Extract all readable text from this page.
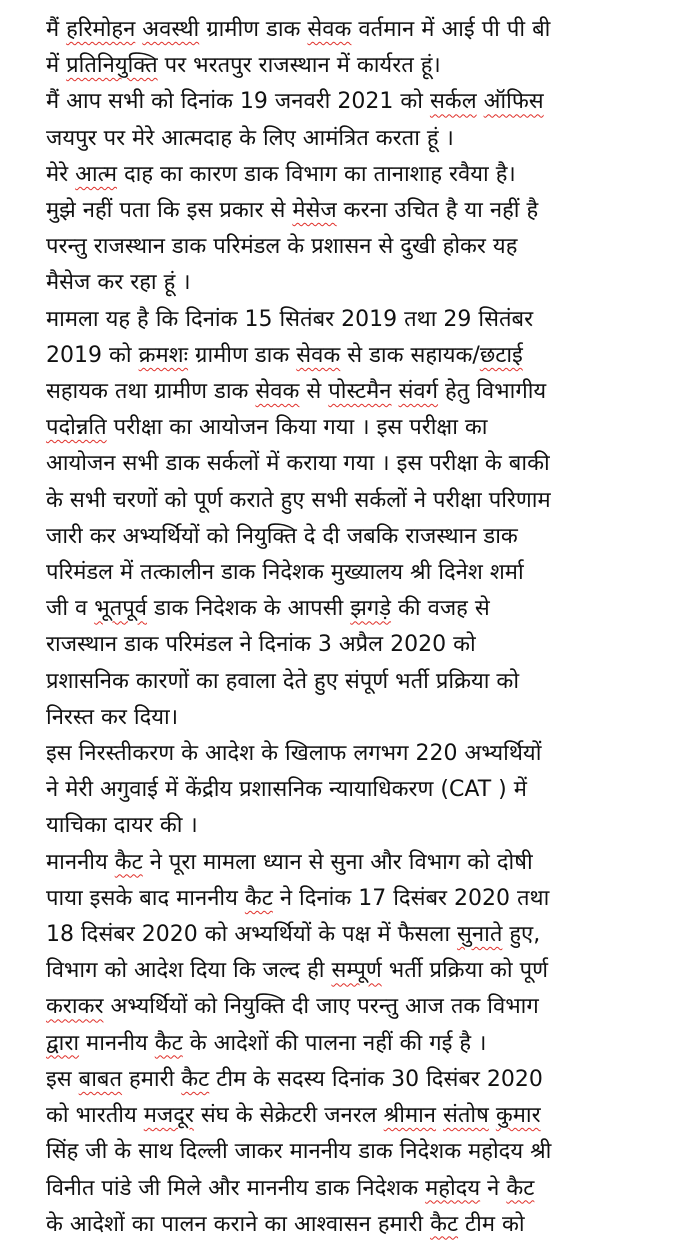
मैं हरिमोहन अवस्थी ग्रामीण डाक सेवक वर्तमान में आई पी पी बी
में प्रतिनियुक्ति पर भरतपुर राजस्थान में कार्यरत हूं।
मैं आप सभी को दिनांक 19 जनवरी 2021 को सर्कल ऑफिस
जयपुर पर मेरे आत्मदाह के लिए आमंत्रित करता हूं ।
मेरे आत्म दाह का कारण डाक विभाग का तानाशाह रवैया है।
मुझे नहीं पता कि इस प्रकार से मेसेज करना उचित है या नहीं है
परन्तु राजस्थान डाक परिमंडल के प्रशासन से दुखी होकर यह
मैसेज कर रहा हूं ।
मामला यह है कि दिनांक 15 सितंबर 2019 तथा 29 सितंबर
2019 को क्रमशः ग्रामीण डाक सेवक से डाक सहायक/छटाई
सहायक तथा ग्रामीण डाक सेवक से पोस्टमैन संवर्ग हेतु विभागीय
पदोन्नति परीक्षा का आयोजन किया गया । इस परीक्षा का
आयोजन सभी डाक सर्कलों में कराया गया । इस परीक्षा के बाकी
के सभी चरणों को पूर्ण कराते हुए सभी सर्कलों ने परीक्षा परिणाम
जारी कर अभ्यर्थियों को नियुक्ति दे दी जबकि राजस्थान डाक
परिमंडल में तत्कालीन डाक निदेशक मुख्यालय श्री दिनेश शर्मा
जी व भूतपूर्व डाक निदेशक के आपसी झगड़े की वजह से
राजस्थान डाक परिमंडल ने दिनांक 3 अप्रैल 2020 को
प्रशासनिक कारणों का हवाला देते हुए संपूर्ण भर्ती प्रक्रिया को
निरस्त कर दिया।
इस निरस्तीकरण के आदेश के खिलाफ लगभग 220 अभ्यर्थियों
ने मेरी अगुवाई में केंद्रीय प्रशासनिक न्यायाधिकरण (CAT ) में
याचिका दायर की ।
माननीय कैट ने पूरा मामला ध्यान से सुना और विभाग को दोषी
पाया इसके बाद माननीय कैट ने दिनांक 17 दिसंबर 2020 तथा
18 दिसंबर 2020 को अभ्यर्थियों के पक्ष में फैसला सुनाते हुए,
विभाग को आदेश दिया कि जल्द ही सम्पूर्ण भर्ती प्रक्रिया को पूर्ण
कराकर अभ्यर्थियों को नियुक्ति दी जाए परन्तु आज तक विभाग
द्वारा माननीय कैट के आदेशों की पालना नहीं की गई है ।
इस बाबत हमारी कैट टीम के सदस्य दिनांक 30 दिसंबर 2020
को भारतीय मजदूर संघ के सेक्रेटरी जनरल श्रीमान संतोष कुमार
सिंह जी के साथ दिल्ली जाकर माननीय डाक निदेशक महोदय श्री
विनीत पांडे जी मिले और माननीय डाक निदेशक महोदय ने कैट
के आदेशों का पालन कराने का आश्वासन हमारी कैट टीम को
